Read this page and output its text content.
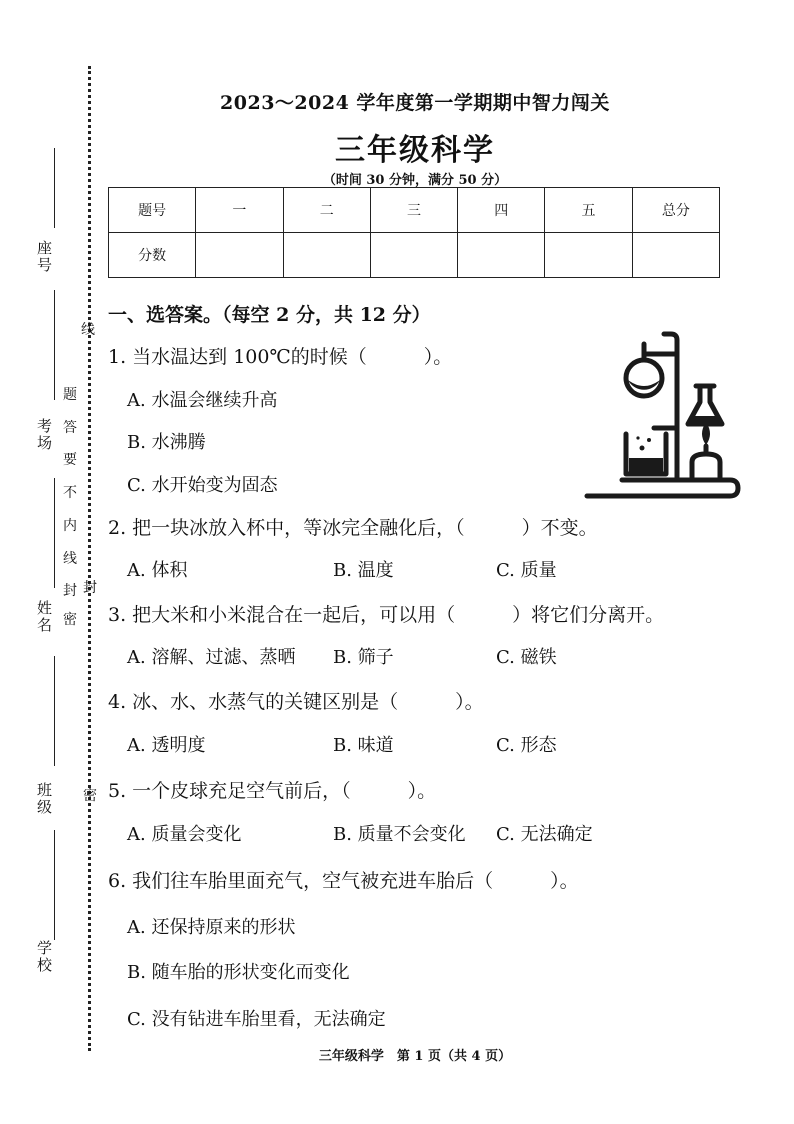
座号
考场
姓名
班级
学校
线
题
答
要
不
内
线
封
密
封
密
2023～2024 学年度第一学期期中智力闯关
三年级科学
（时间 30 分钟，满分 50 分）
题号	一	二	三	四	五	总分
分数						
一、选答案。（每空 2 分，共 12 分）
1. 当水温达到 100℃的时候（　　　）。
A. 水温会继续升高
B. 水沸腾
C. 水开始变为固态
2. 把一块冰放入杯中，等冰完全融化后，（　　　）不变。
A. 体积	B. 温度	C. 质量
3. 把大米和小米混合在一起后，可以用（　　　）将它们分离开。
A. 溶解、过滤、蒸晒 B. 筛子	C. 磁铁
4. 冰、水、水蒸气的关键区别是（　　　）。
A. 透明度	B. 味道	C. 形态
5. 一个皮球充足空气前后，（　　　）。
A. 质量会变化	B. 质量不会变化 C. 无法确定
6. 我们往车胎里面充气，空气被充进车胎后（　　　）。
A. 还保持原来的形状
B. 随车胎的形状变化而变化
C. 没有钻进车胎里看，无法确定
三年级科学　第 1 页（共 4 页）
